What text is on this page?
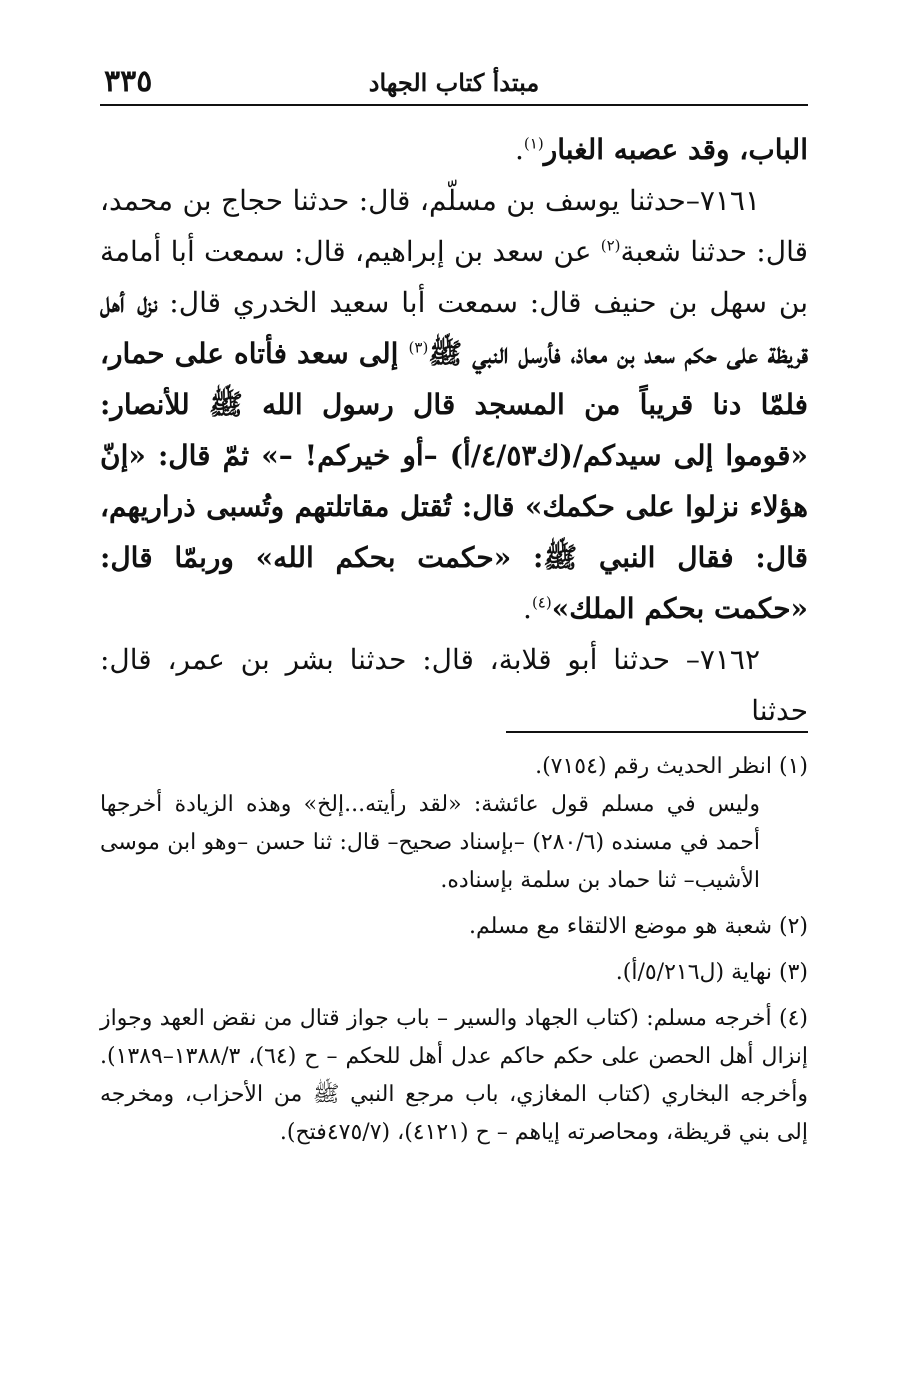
٣٣٥	مبتدأ كتاب الجهاد

الباب، وقد عصبه الغبار$^{(١)}$.

٧١٦١–حدثنا يوسف بن مسلّم، قال: حدثنا حجاج بن محمد، قال: حدثنا شعبة$^{(٢)}$ عن سعد بن إبراهيم، قال: سمعت أبا أمامة بن سهل بن حنيف قال: سمعت أبا سعيد الخدري قال: نزل أهل قريظة على حكم سعد بن معاذ، فأرسل النبي ﷺ$^{(٣)}$ إلى سعد فأتاه على حمار، فلمّا دنا قريباً من المسجد قال رسول الله ﷺ للأنصار: «قوموا إلى سيدكم/(ك٤/٥٣/أ) –أو خيركم! –» ثمّ قال: «إنّ هؤلاء نزلوا على حكمك» قال: تُقتل مقاتلتهم وتُسبى ذراريهم، قال: فقال النبي ﷺ: «حكمت بحكم الله» وربمّا قال: «حكمت بحكم الملك»$^{(٤)}$.

٧١٦٢– حدثنا أبو قلابة، قال: حدثنا بشر بن عمر، قال: حدثنا

(١) انظر الحديث رقم (٧١٥٤).

وليس في مسلم قول عائشة: «لقد رأيته...إلخ» وهذه الزيادة أخرجها أحمد في مسنده (٢٨٠/٦) –بإسناد صحيح– قال: ثنا حسن –وهو ابن موسى الأشيب– ثنا حماد بن سلمة بإسناده.

(٢) شعبة هو موضع الالتقاء مع مسلم.

(٣) نهاية (ل٥/٢١٦/أ).

(٤) أخرجه مسلم: (كتاب الجهاد والسير – باب جواز قتال من نقض العهد وجواز إنزال أهل الحصن على حكم حاكم عدل أهل للحكم – ح (٦٤)، ١٣٨٨/٣–١٣٨٩). وأخرجه البخاري (كتاب المغازي، باب مرجع النبي ﷺ من الأحزاب، ومخرجه إلى بني قريظة، ومحاصرته إياهم – ح (٤١٢١)، (٤٧٥/٧فتح).
